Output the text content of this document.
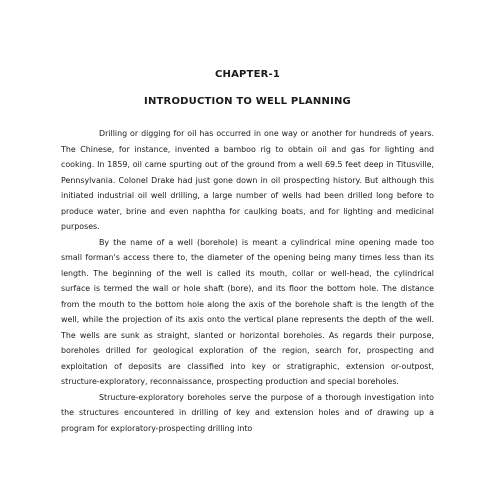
CHAPTER-1
INTRODUCTION TO WELL PLANNING

Drilling or digging for oil has occurred in one way or another for hundreds of years. The Chinese, for instance, invented a bamboo rig to obtain oil and gas for lighting and cooking. In 1859, oil came spurting out of the ground from a well 69.5 feet deep in Titusville, Pennsylvania. Colonel Drake had just gone down in oil prospecting history. But although this initiated industrial oil well drilling, a large number of wells had been drilled long before to produce water, brine and even naphtha for caulking boats, and for lighting and medicinal purposes.

By the name of a well (borehole) is meant a cylindrical mine opening made too small forman's access there to, the diameter of the opening being many times less than its length. The beginning of the well is called its mouth, collar or well-head, the cylindrical surface is termed the wall or hole shaft (bore), and its floor the bottom hole. The distance from the mouth to the bottom hole along the axis of the borehole shaft is the length of the well, while the projection of its axis onto the vertical plane represents the depth of the well. The wells are sunk as straight, slanted or horizontal boreholes. As regards their purpose, boreholes drilled for geological exploration of the region, search for, prospecting and exploitation of deposits are classified into key or stratigraphic, extension or-outpost, structure-exploratory, reconnaissance, prospecting production and special boreholes.

Structure-exploratory boreholes serve the purpose of a thorough investigation into the structures encountered in drilling of key and extension holes and of drawing up a program for exploratory-prospecting drilling into
